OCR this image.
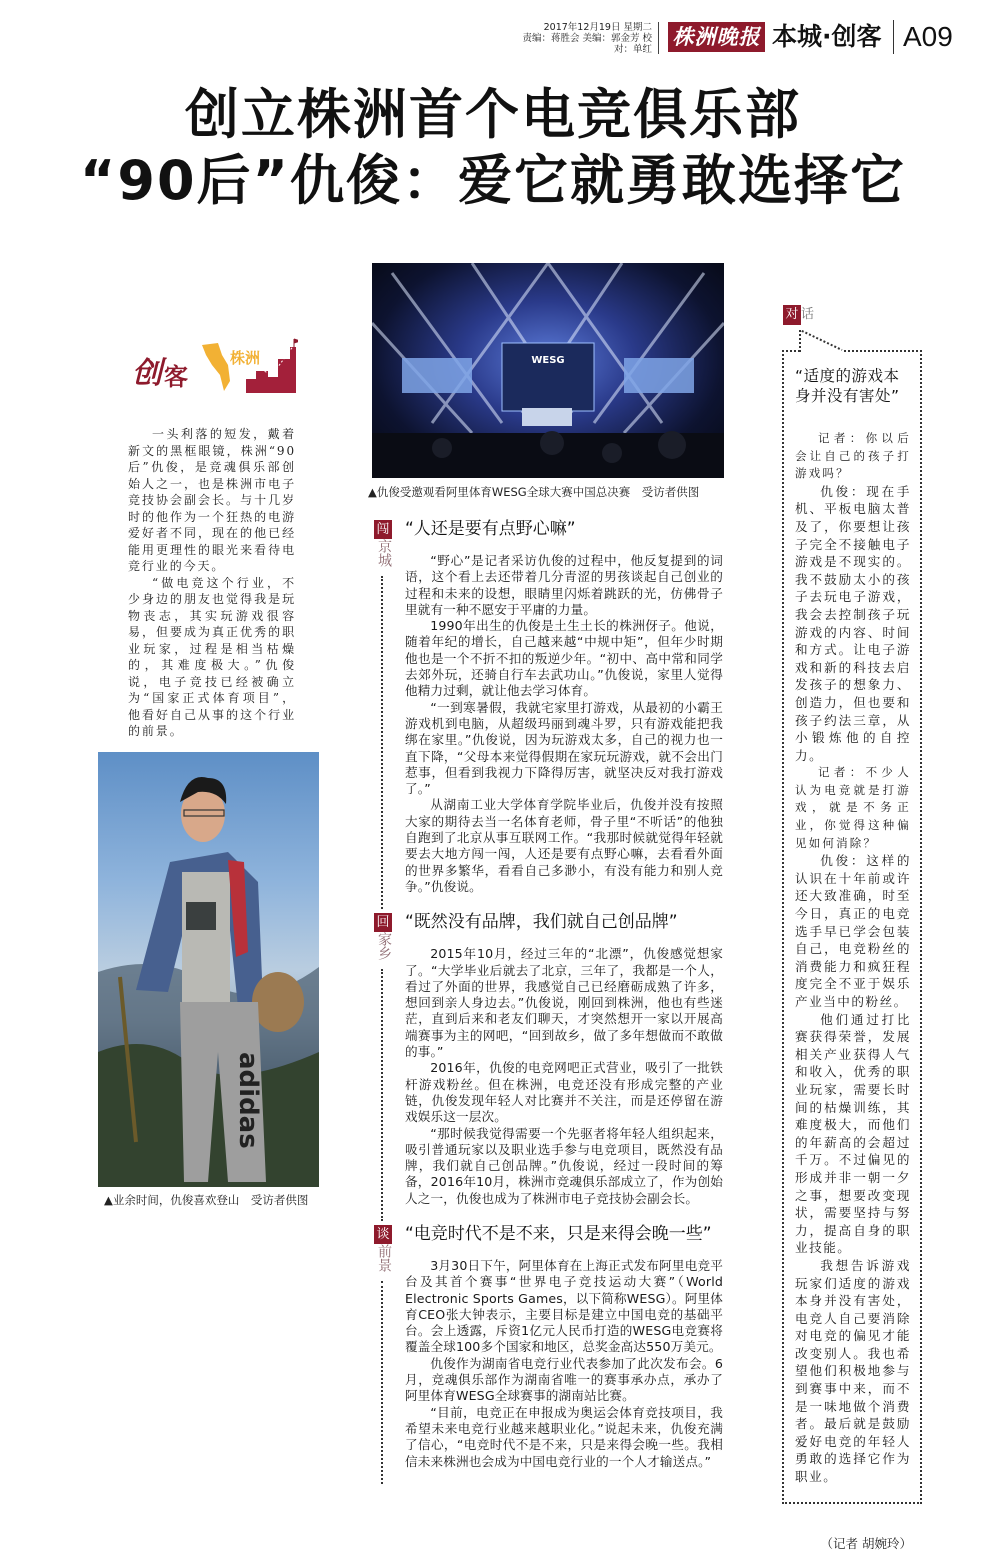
2017年12月19日 星期二
责编：蒋胜会 美编：郭金芳 校对：单红
株洲晚报 本城·创客 A09
创立株洲首个电竞俱乐部
“90后”仇俊：爱它就勇敢选择它
创 客
株洲

一头利落的短发，戴着新文的黑框眼镜，株洲“90后”仇俊，是竞魂俱乐部创始人之一，也是株洲市电子竞技协会副会长。与十几岁时的他作为一个狂热的电游爱好者不同，现在的他已经能用更理性的眼光来看待电竞行业的今天。

“做电竞这个行业，不少身边的朋友也觉得我是玩物丧志，其实玩游戏很容易，但要成为真正优秀的职业玩家，过程是相当枯燥的，其难度极大。”仇俊说，电子竞技已经被确立为“国家正式体育项目”，他看好自己从事的这个行业的前景。

adidas
▲业余时间，仇俊喜欢登山　受访者供图
WESG
▲仇俊受邀观看阿里体育WESG全球大赛中国总决赛　受访者供图
闯
京城
“人还是要有点野心嘛”

“野心”是记者采访仇俊的过程中，他反复提到的词语，这个看上去还带着几分青涩的男孩谈起自己创业的过程和未来的设想，眼睛里闪烁着跳跃的光，仿佛骨子里就有一种不愿安于平庸的力量。

1990年出生的仇俊是土生土长的株洲伢子。他说，随着年纪的增长，自己越来越“中规中矩”，但年少时期他也是一个不折不扣的叛逆少年。“初中、高中常和同学去郊外玩，还骑自行车去武功山。”仇俊说，家里人觉得他精力过剩，就让他去学习体育。

“一到寒暑假，我就宅家里打游戏，从最初的小霸王游戏机到电脑，从超级玛丽到魂斗罗，只有游戏能把我绑在家里。”仇俊说，因为玩游戏太多，自己的视力也一直下降，“父母本来觉得假期在家玩玩游戏，就不会出门惹事，但看到我视力下降得厉害，就坚决反对我打游戏了。”

从湖南工业大学体育学院毕业后，仇俊并没有按照大家的期待去当一名体育老师，骨子里“不听话”的他独自跑到了北京从事互联网工作。“我那时候就觉得年轻就要去大地方闯一闯，人还是要有点野心嘛，去看看外面的世界多繁华，看看自己多渺小，有没有能力和别人竞争。”仇俊说。

回
家乡
“既然没有品牌，我们就自己创品牌”

2015年10月，经过三年的“北漂”，仇俊感觉想家了。“大学毕业后就去了北京，三年了，我都是一个人，看过了外面的世界，我感觉自己已经磨砺成熟了许多，想回到亲人身边去。”仇俊说，刚回到株洲，他也有些迷茫，直到后来和老友们聊天，才突然想开一家以开展高端赛事为主的网吧，“回到故乡，做了多年想做而不敢做的事。”

2016年，仇俊的电竞网吧正式营业，吸引了一批铁杆游戏粉丝。但在株洲，电竞还没有形成完整的产业链，仇俊发现年轻人对比赛并不关注，而是还停留在游戏娱乐这一层次。

“那时候我觉得需要一个先驱者将年轻人组织起来，吸引普通玩家以及职业选手参与电竞项目，既然没有品牌，我们就自己创品牌。”仇俊说，经过一段时间的筹备，2016年10月，株洲市竞魂俱乐部成立了，作为创始人之一，仇俊也成为了株洲市电子竞技协会副会长。

谈
前景
“电竞时代不是不来，只是来得会晚一些”

3月30日下午，阿里体育在上海正式发布阿里电竞平台及其首个赛事“世界电子竞技运动大赛”（World Electronic Sports Games，以下简称WESG）。阿里体育CEO张大钟表示，主要目标是建立中国电竞的基础平台。会上透露，斥资1亿元人民币打造的WESG电竞赛将覆盖全球100多个国家和地区，总奖金高达550万美元。

仇俊作为湖南省电竞行业代表参加了此次发布会。6月，竞魂俱乐部作为湖南省唯一的赛事承办点，承办了阿里体育WESG全球赛事的湖南站比赛。

“目前，电竞正在申报成为奥运会体育竞技项目，我希望未来电竞行业越来越职业化。”说起未来，仇俊充满了信心，“电竞时代不是不来，只是来得会晚一些。我相信未来株洲也会成为中国电竞行业的一个人才输送点。”

对 话
“适度的游戏本身并没有害处”

记者：你以后会让自己的孩子打游戏吗？

仇俊：现在手机、平板电脑太普及了，你要想让孩子完全不接触电子游戏是不现实的。我不鼓励太小的孩子去玩电子游戏，我会去控制孩子玩游戏的内容、时间和方式。让电子游戏和新的科技去启发孩子的想象力、创造力，但也要和孩子约法三章，从小锻炼他的自控力。

记者：不少人认为电竞就是打游戏，就是不务正业，你觉得这种偏见如何消除？

仇俊：这样的认识在十年前或许还大致准确，时至今日，真正的电竞选手早已学会包装自己，电竞粉丝的消费能力和疯狂程度完全不亚于娱乐产业当中的粉丝。

他们通过打比赛获得荣誉，发展相关产业获得人气和收入，优秀的职业玩家，需要长时间的枯燥训练，其难度极大，而他们的年薪高的会超过千万。不过偏见的形成并非一朝一夕之事，想要改变现状，需要坚持与努力，提高自身的职业技能。

我想告诉游戏玩家们适度的游戏本身并没有害处，电竞人自己要消除对电竞的偏见才能改变别人。我也希望他们积极地参与到赛事中来，而不是一味地做个消费者。最后就是鼓励爱好电竞的年轻人勇敢的选择它作为职业。

（记者 胡婉玲）
